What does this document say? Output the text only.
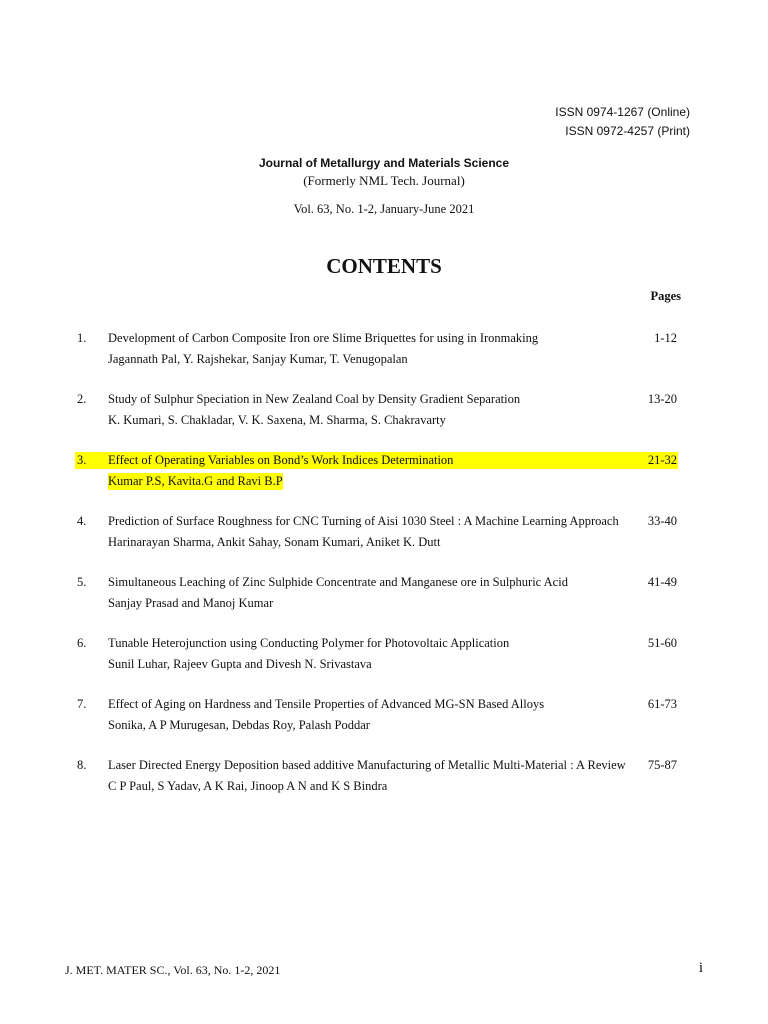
ISSN 0974-1267 (Online)
ISSN 0972-4257 (Print)
Journal of Metallurgy and Materials Science
(Formerly NML Tech. Journal)
Vol. 63, No. 1-2, January-June 2021
CONTENTS
Pages
1. Development of Carbon Composite Iron ore Slime Briquettes for using in Ironmaking	1-12
Jagannath Pal, Y. Rajshekar, Sanjay Kumar, T. Venugopalan
2. Study of Sulphur Speciation in New Zealand Coal by Density Gradient Separation	13-20
K. Kumari, S. Chakladar, V. K. Saxena, M. Sharma, S. Chakravarty
3. Effect of Operating Variables on Bond’s Work Indices Determination	21-32
Kumar P.S, Kavita.G and Ravi B.P
4. Prediction of Surface Roughness for CNC Turning of Aisi 1030 Steel : A Machine Learning Approach 33-40
Harinarayan Sharma, Ankit Sahay, Sonam Kumari, Aniket K. Dutt
5. Simultaneous Leaching of Zinc Sulphide Concentrate and Manganese ore in Sulphuric Acid	41-49
Sanjay Prasad and Manoj Kumar
6. Tunable Heterojunction using Conducting Polymer for Photovoltaic Application	51-60
Sunil Luhar, Rajeev Gupta and Divesh N. Srivastava
7. Effect of Aging on Hardness and Tensile Properties of Advanced MG-SN Based Alloys	61-73
Sonika, A P Murugesan, Debdas Roy, Palash Poddar
8. Laser Directed Energy Deposition based additive Manufacturing of Metallic Multi-Material : A Review 75-87
C P Paul, S Yadav, A K Rai, Jinoop A N and K S Bindra
J. MET. MATER SC., Vol. 63, No. 1-2, 2021	i
